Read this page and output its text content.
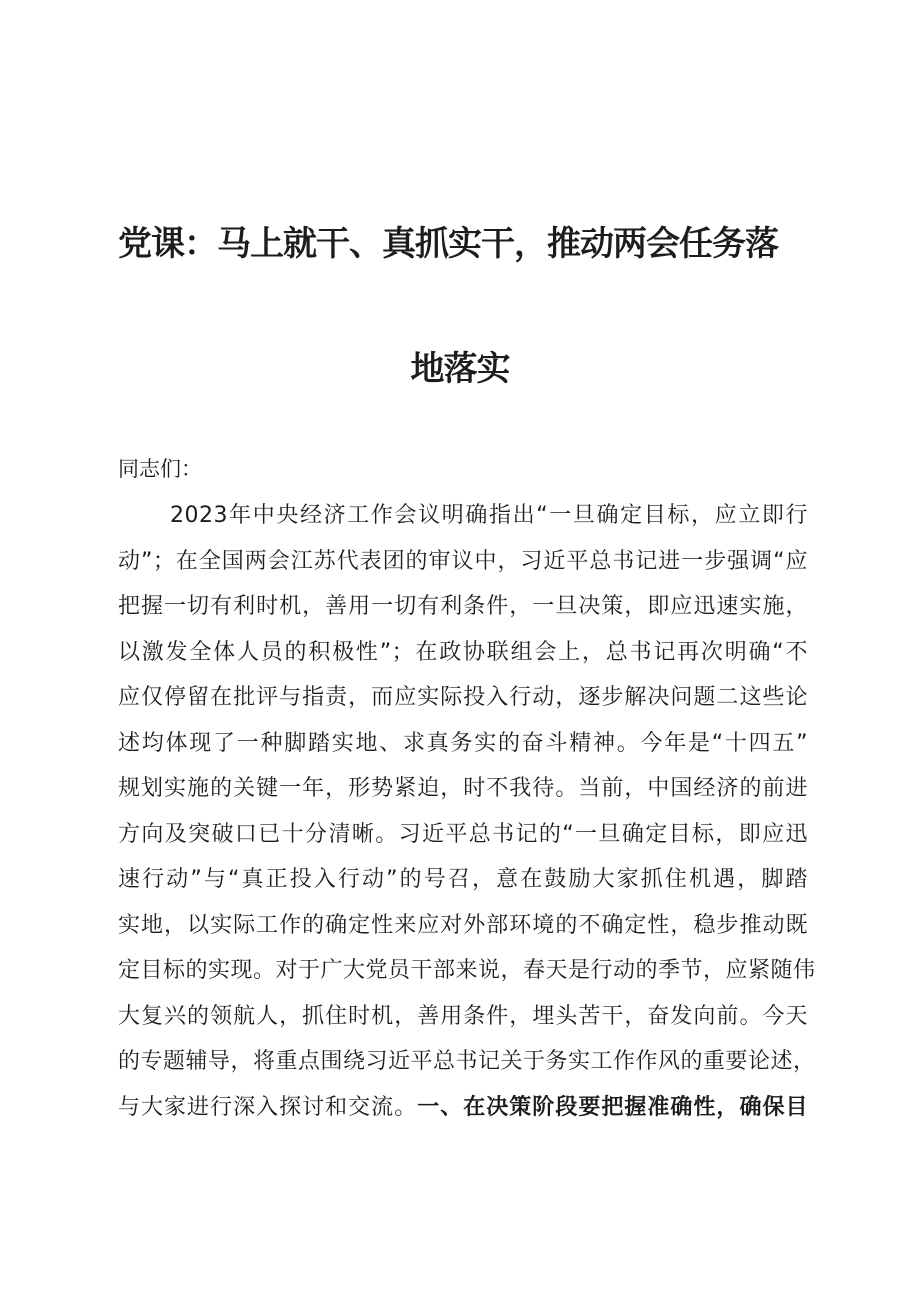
党课：马上就干、真抓实干，推动两会任务落
地落实
同志们：
2023年中央经济工作会议明确指出“一旦确定目标，应立即行
动”；在全国两会江苏代表团的审议中，习近平总书记进一步强调“应
把握一切有利时机，善用一切有利条件，一旦决策，即应迅速实施，
以激发全体人员的积极性”；在政协联组会上，总书记再次明确“不
应仅停留在批评与指责，而应实际投入行动，逐步解决问题二这些论
述均体现了一种脚踏实地、求真务实的奋斗精神。今年是“十四五”
规划实施的关键一年，形势紧迫，时不我待。当前，中国经济的前进
方向及突破口已十分清晰。习近平总书记的“一旦确定目标，即应迅
速行动”与“真正投入行动”的号召，意在鼓励大家抓住机遇，脚踏
实地，以实际工作的确定性来应对外部环境的不确定性，稳步推动既
定目标的实现。对于广大党员干部来说，春天是行动的季节，应紧随伟
大复兴的领航人，抓住时机，善用条件，埋头苦干，奋发向前。今天
的专题辅导，将重点围绕习近平总书记关于务实工作作风的重要论述，
与大家进行深入探讨和交流。一、在决策阶段要把握准确性，确保目
